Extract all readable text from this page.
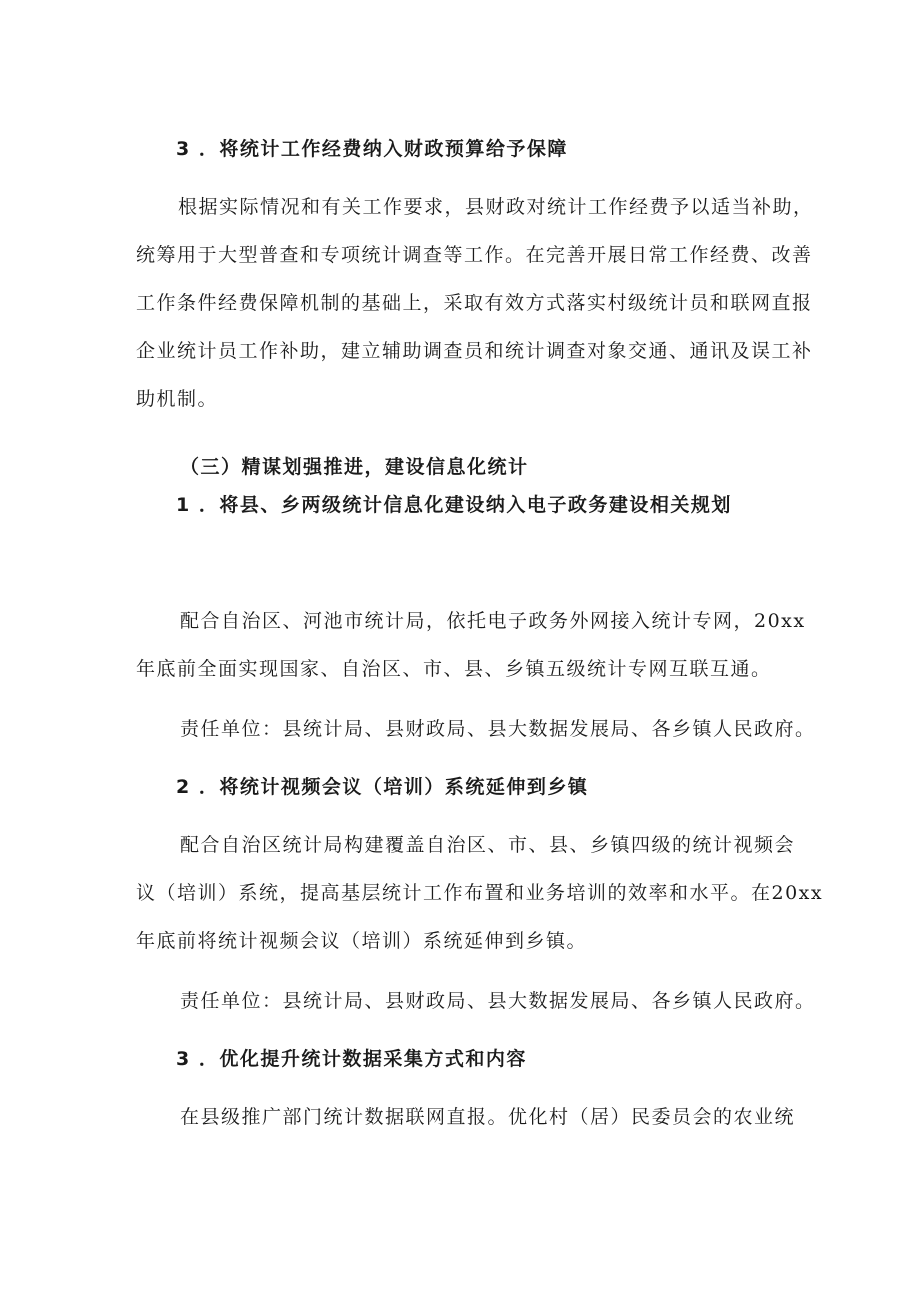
3 ．将统计工作经费纳入财政预算给予保障
根据实际情况和有关工作要求，县财政对统计工作经费予以适当补助，
统筹用于大型普查和专项统计调查等工作。在完善开展日常工作经费、改善
工作条件经费保障机制的基础上，采取有效方式落实村级统计员和联网直报
企业统计员工作补助，建立辅助调查员和统计调查对象交通、通讯及误工补
助机制。
（三）精谋划强推进，建设信息化统计
1 ．将县、乡两级统计信息化建设纳入电子政务建设相关规划
配合自治区、河池市统计局，依托电子政务外网接入统计专网，20xx
年底前全面实现国家、自治区、市、县、乡镇五级统计专网互联互通。
责任单位：县统计局、县财政局、县大数据发展局、各乡镇人民政府。
2 ．将统计视频会议（培训）系统延伸到乡镇
配合自治区统计局构建覆盖自治区、市、县、乡镇四级的统计视频会
议（培训）系统，提高基层统计工作布置和业务培训的效率和水平。在20xx
年底前将统计视频会议（培训）系统延伸到乡镇。
责任单位：县统计局、县财政局、县大数据发展局、各乡镇人民政府。
3 ．优化提升统计数据采集方式和内容
在县级推广部门统计数据联网直报。优化村（居）民委员会的农业统
